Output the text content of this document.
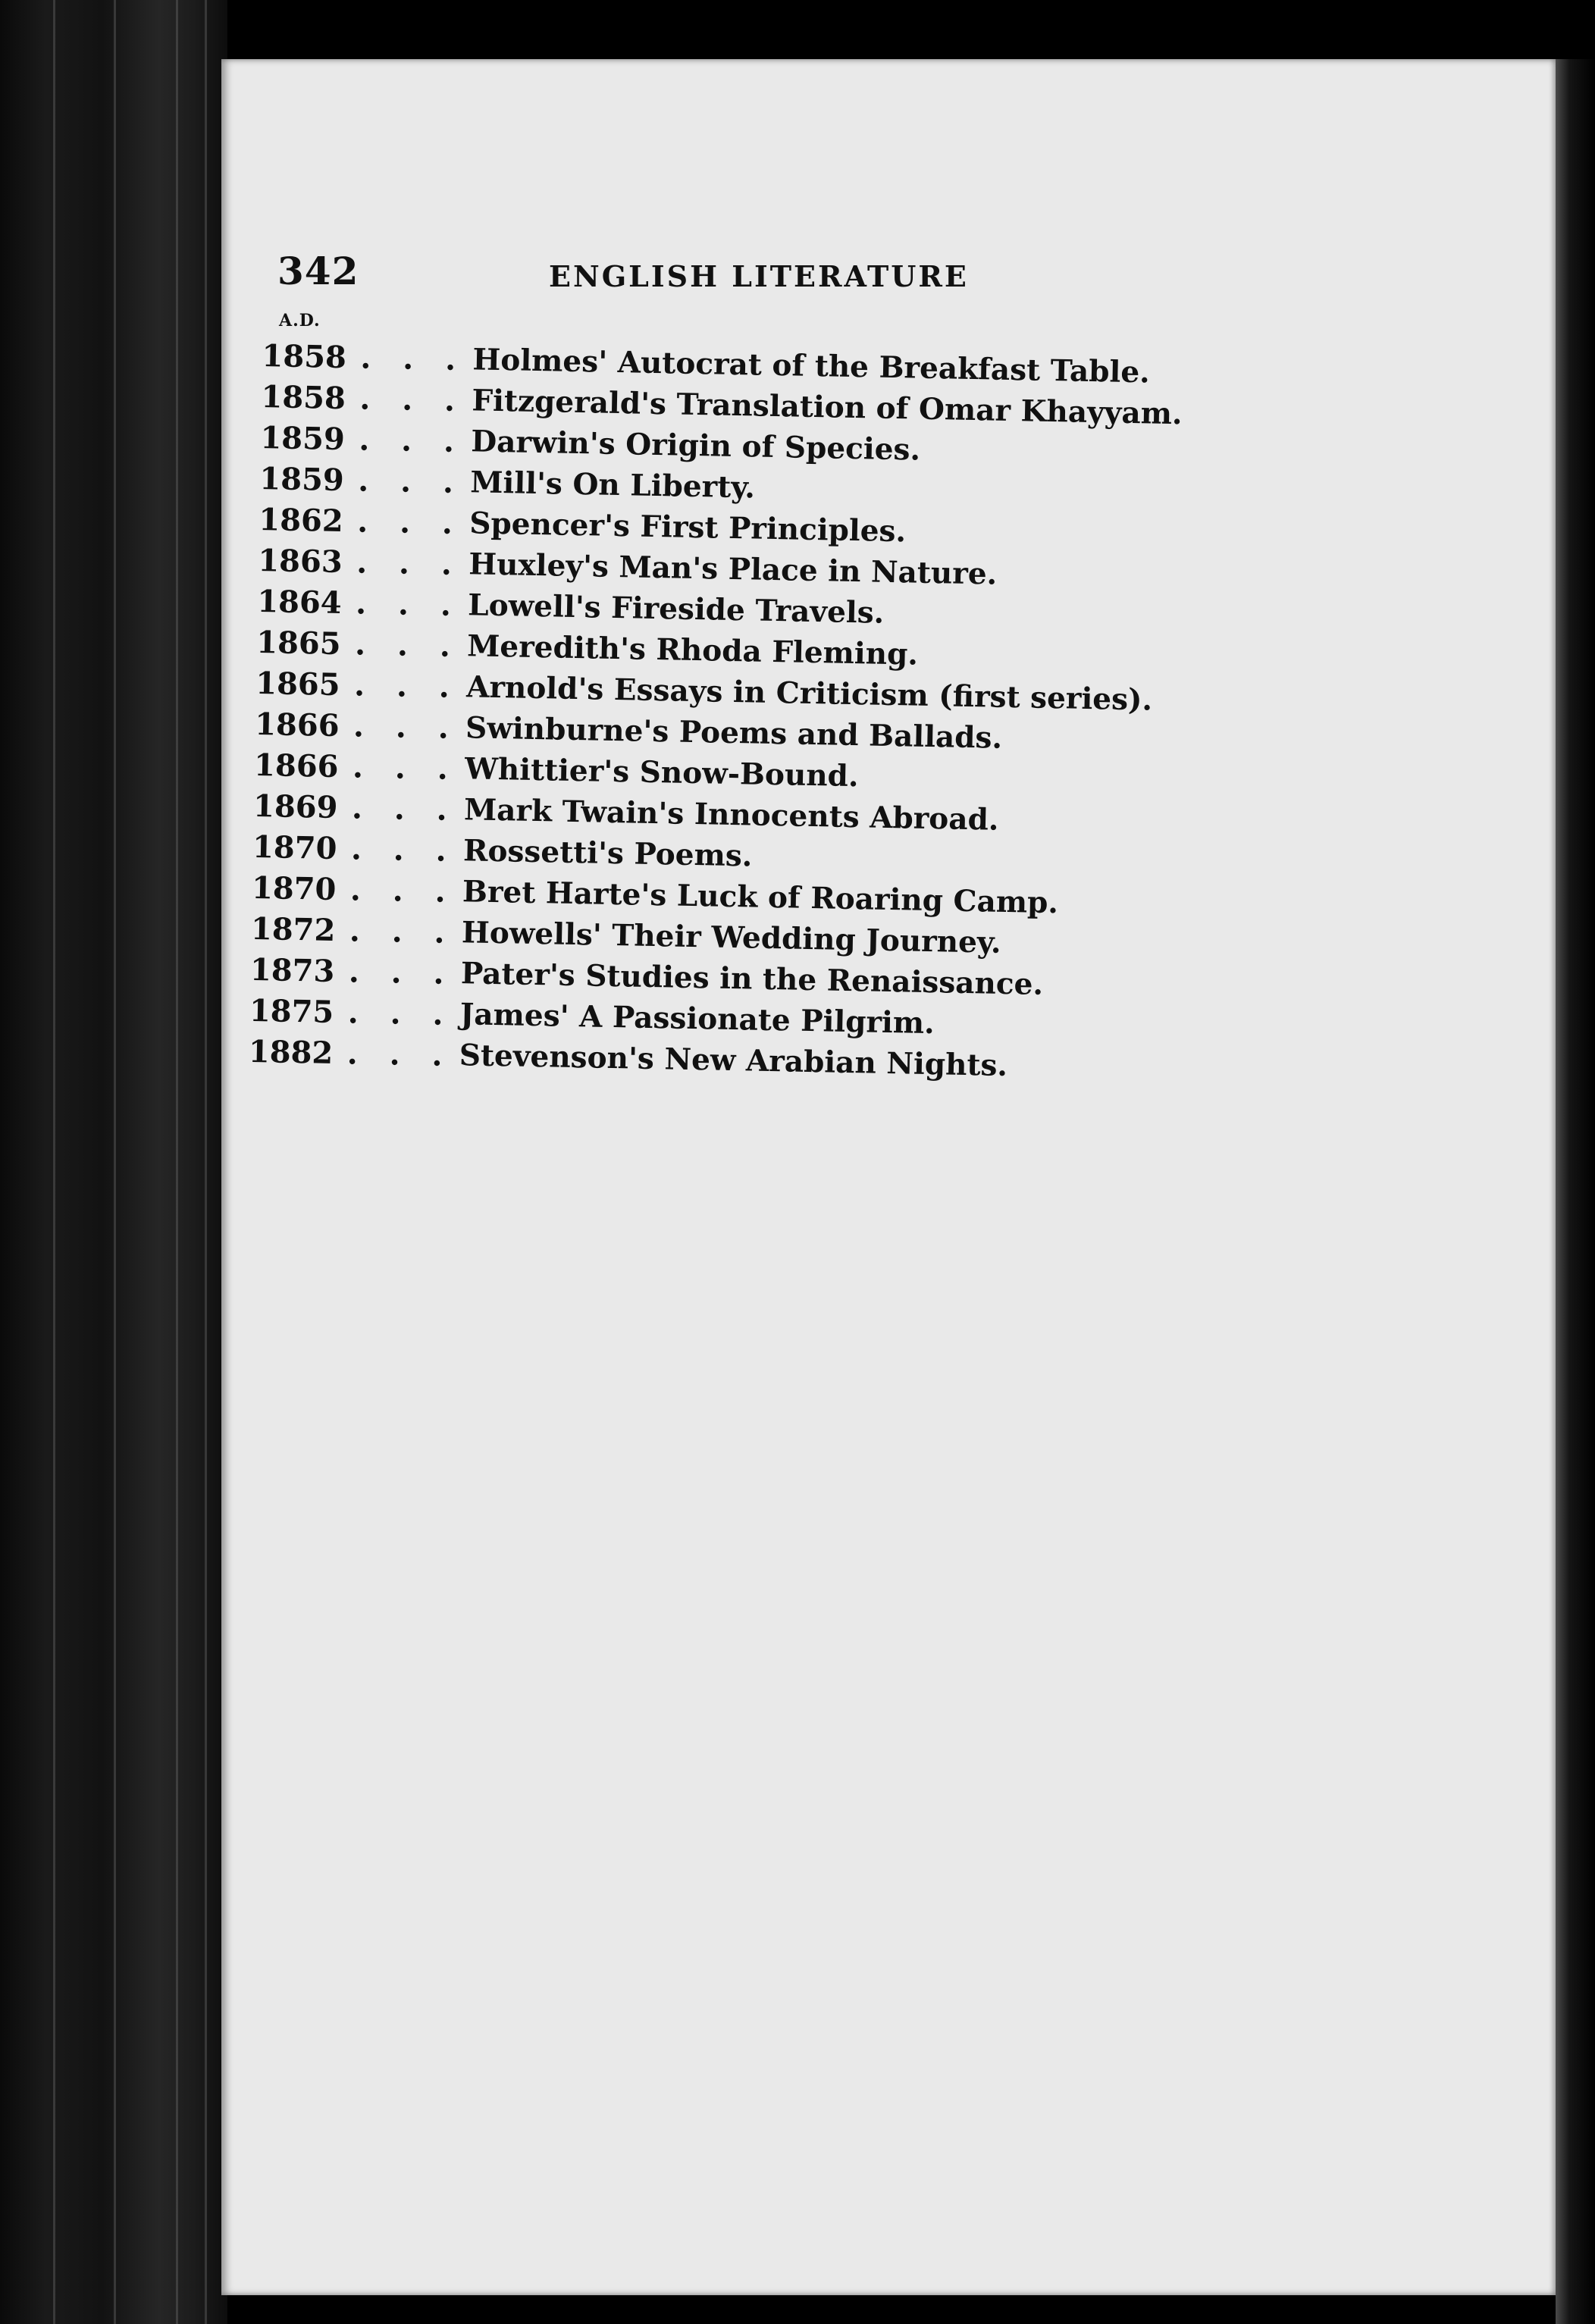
342	ENGLISH LITERATURE
A.D.
1858 . . . Holmes' Autocrat of the Breakfast Table.
1858 . . . Fitzgerald's Translation of Omar Khayyam.
1859 . . . Darwin's Origin of Species.
1859 . . . Mill's On Liberty.
1862 . . . Spencer's First Principles.
1863 . . . Huxley's Man's Place in Nature.
1864 . . . Lowell's Fireside Travels.
1865 . . . Meredith's Rhoda Fleming.
1865 . . . Arnold's Essays in Criticism (first series).
1866 . . . Swinburne's Poems and Ballads.
1866 . . . Whittier's Snow-Bound.
1869 . . . Mark Twain's Innocents Abroad.
1870 . . . Rossetti's Poems.
1870 . . . Bret Harte's Luck of Roaring Camp.
1872 . . . Howells' Their Wedding Journey.
1873 . . . Pater's Studies in the Renaissance.
1875 . . . James' A Passionate Pilgrim.
1882 . . . Stevenson's New Arabian Nights.
